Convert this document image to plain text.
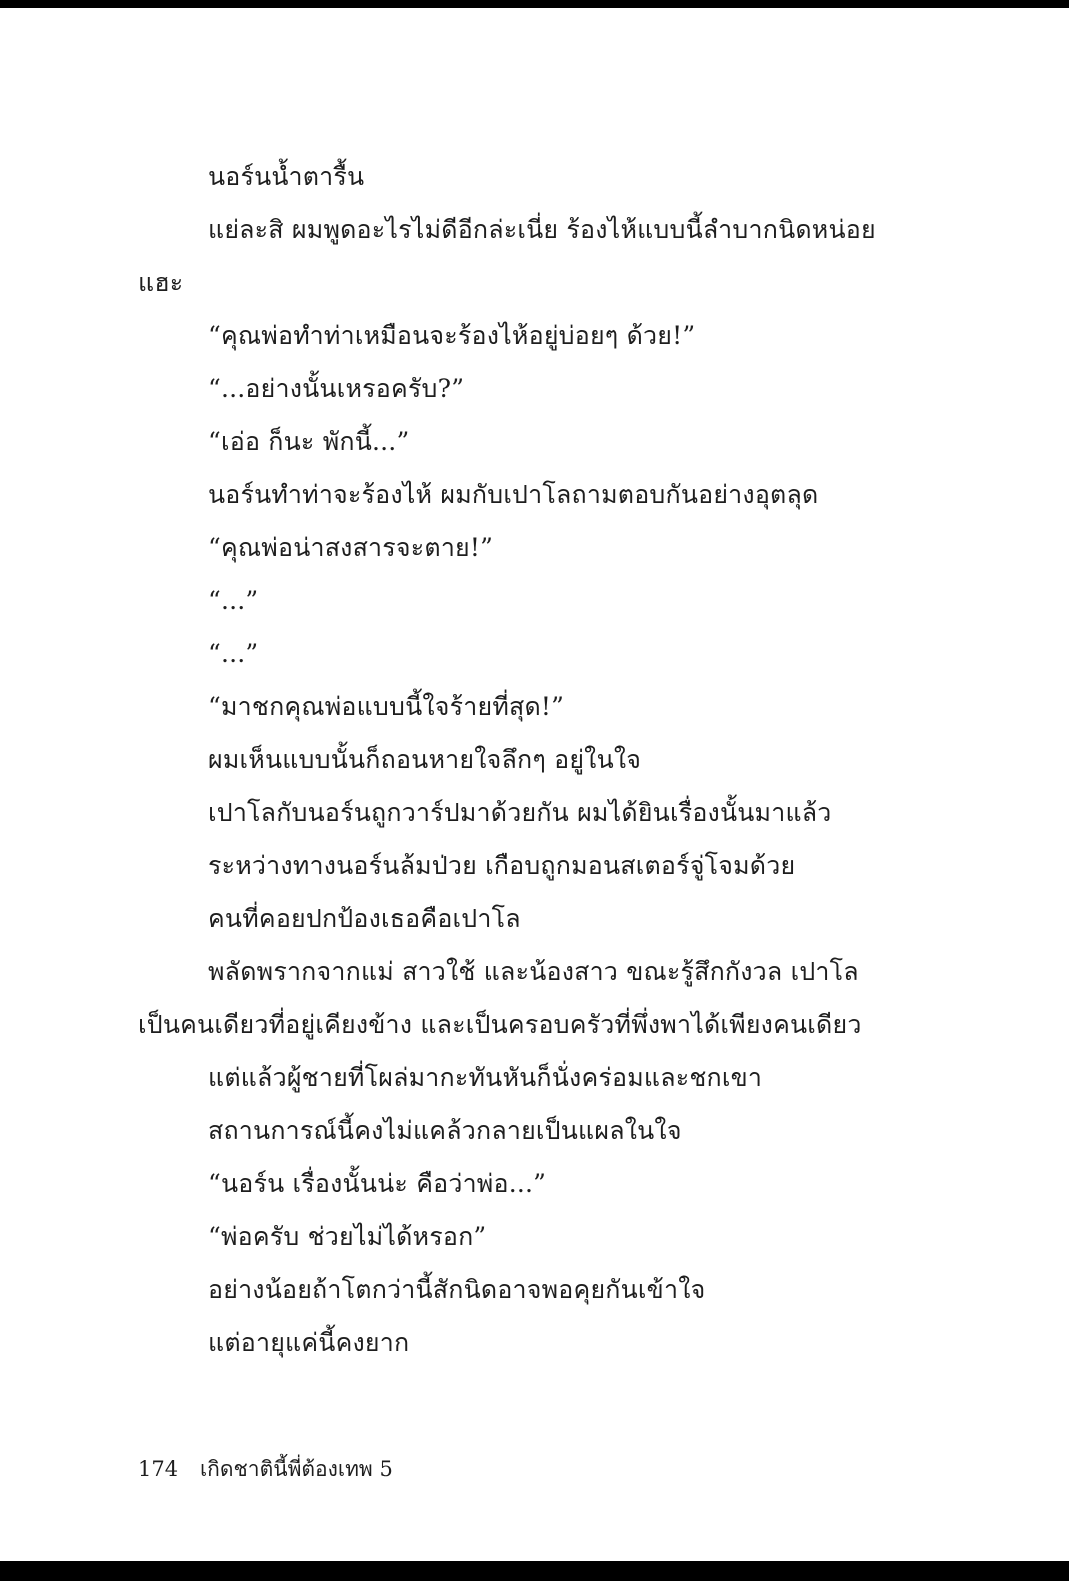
นอร์นน้ำตารื้น
แย่ละสิ ผมพูดอะไรไม่ดีอีกล่ะเนี่ย ร้องไห้แบบนี้ลำบากนิดหน่อย
แฮะ
“คุณพ่อทำท่าเหมือนจะร้องไห้อยู่บ่อยๆ ด้วย!”
“...อย่างนั้นเหรอครับ?”
“เอ่อ ก็นะ พักนี้...”
นอร์นทำท่าจะร้องไห้ ผมกับเปาโลถามตอบกันอย่างอุตลุด
“คุณพ่อน่าสงสารจะตาย!”
“...”
“...”
“มาชกคุณพ่อแบบนี้ใจร้ายที่สุด!”
ผมเห็นแบบนั้นก็ถอนหายใจลึกๆ อยู่ในใจ
เปาโลกับนอร์นถูกวาร์ปมาด้วยกัน ผมได้ยินเรื่องนั้นมาแล้ว
ระหว่างทางนอร์นล้มป่วย เกือบถูกมอนสเตอร์จู่โจมด้วย
คนที่คอยปกป้องเธอคือเปาโล
พลัดพรากจากแม่ สาวใช้ และน้องสาว ขณะรู้สึกกังวล เปาโล
เป็นคนเดียวที่อยู่เคียงข้าง และเป็นครอบครัวที่พึ่งพาได้เพียงคนเดียว
แต่แล้วผู้ชายที่โผล่มากะทันหันก็นั่งคร่อมและชกเขา
สถานการณ์นี้คงไม่แคล้วกลายเป็นแผลในใจ
“นอร์น เรื่องนั้นน่ะ คือว่าพ่อ...”
“พ่อครับ ช่วยไม่ได้หรอก”
อย่างน้อยถ้าโตกว่านี้สักนิดอาจพอคุยกันเข้าใจ
แต่อายุแค่นี้คงยาก
174 เกิดชาตินี้พี่ต้องเทพ 5
